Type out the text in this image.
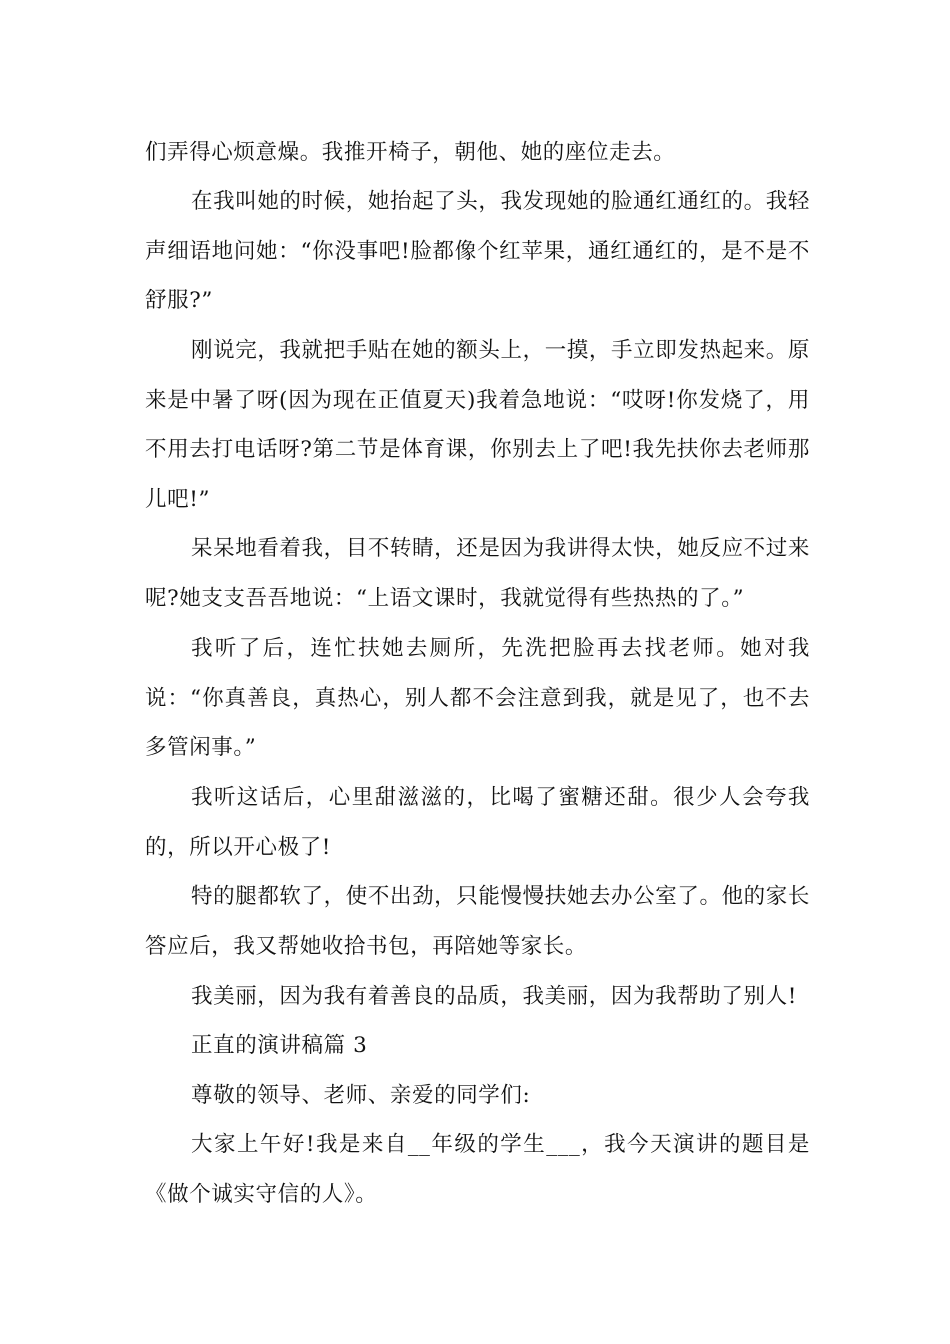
们弄得心烦意燥。我推开椅子，朝他、她的座位走去。

在我叫她的时候，她抬起了头，我发现她的脸通红通红的。我轻声细语地问她：“你没事吧!脸都像个红苹果，通红通红的，是不是不舒服?”

刚说完，我就把手贴在她的额头上，一摸，手立即发热起来。原来是中暑了呀(因为现在正值夏天)我着急地说：“哎呀!你发烧了，用不用去打电话呀?第二节是体育课，你别去上了吧!我先扶你去老师那儿吧!”

呆呆地看着我，目不转睛，还是因为我讲得太快，她反应不过来呢?她支支吾吾地说：“上语文课时，我就觉得有些热热的了。”

我听了后，连忙扶她去厕所，先洗把脸再去找老师。她对我说：“你真善良，真热心，别人都不会注意到我，就是见了，也不去多管闲事。”

我听这话后，心里甜滋滋的，比喝了蜜糖还甜。很少人会夸我的，所以开心极了!

特的腿都软了，使不出劲，只能慢慢扶她去办公室了。他的家长答应后，我又帮她收拾书包，再陪她等家长。

我美丽，因为我有着善良的品质，我美丽，因为我帮助了别人!

正直的演讲稿篇 3

尊敬的领导、老师、亲爱的同学们:

大家上午好!我是来自__年级的学生___，我今天演讲的题目是《做个诚实守信的人》。
